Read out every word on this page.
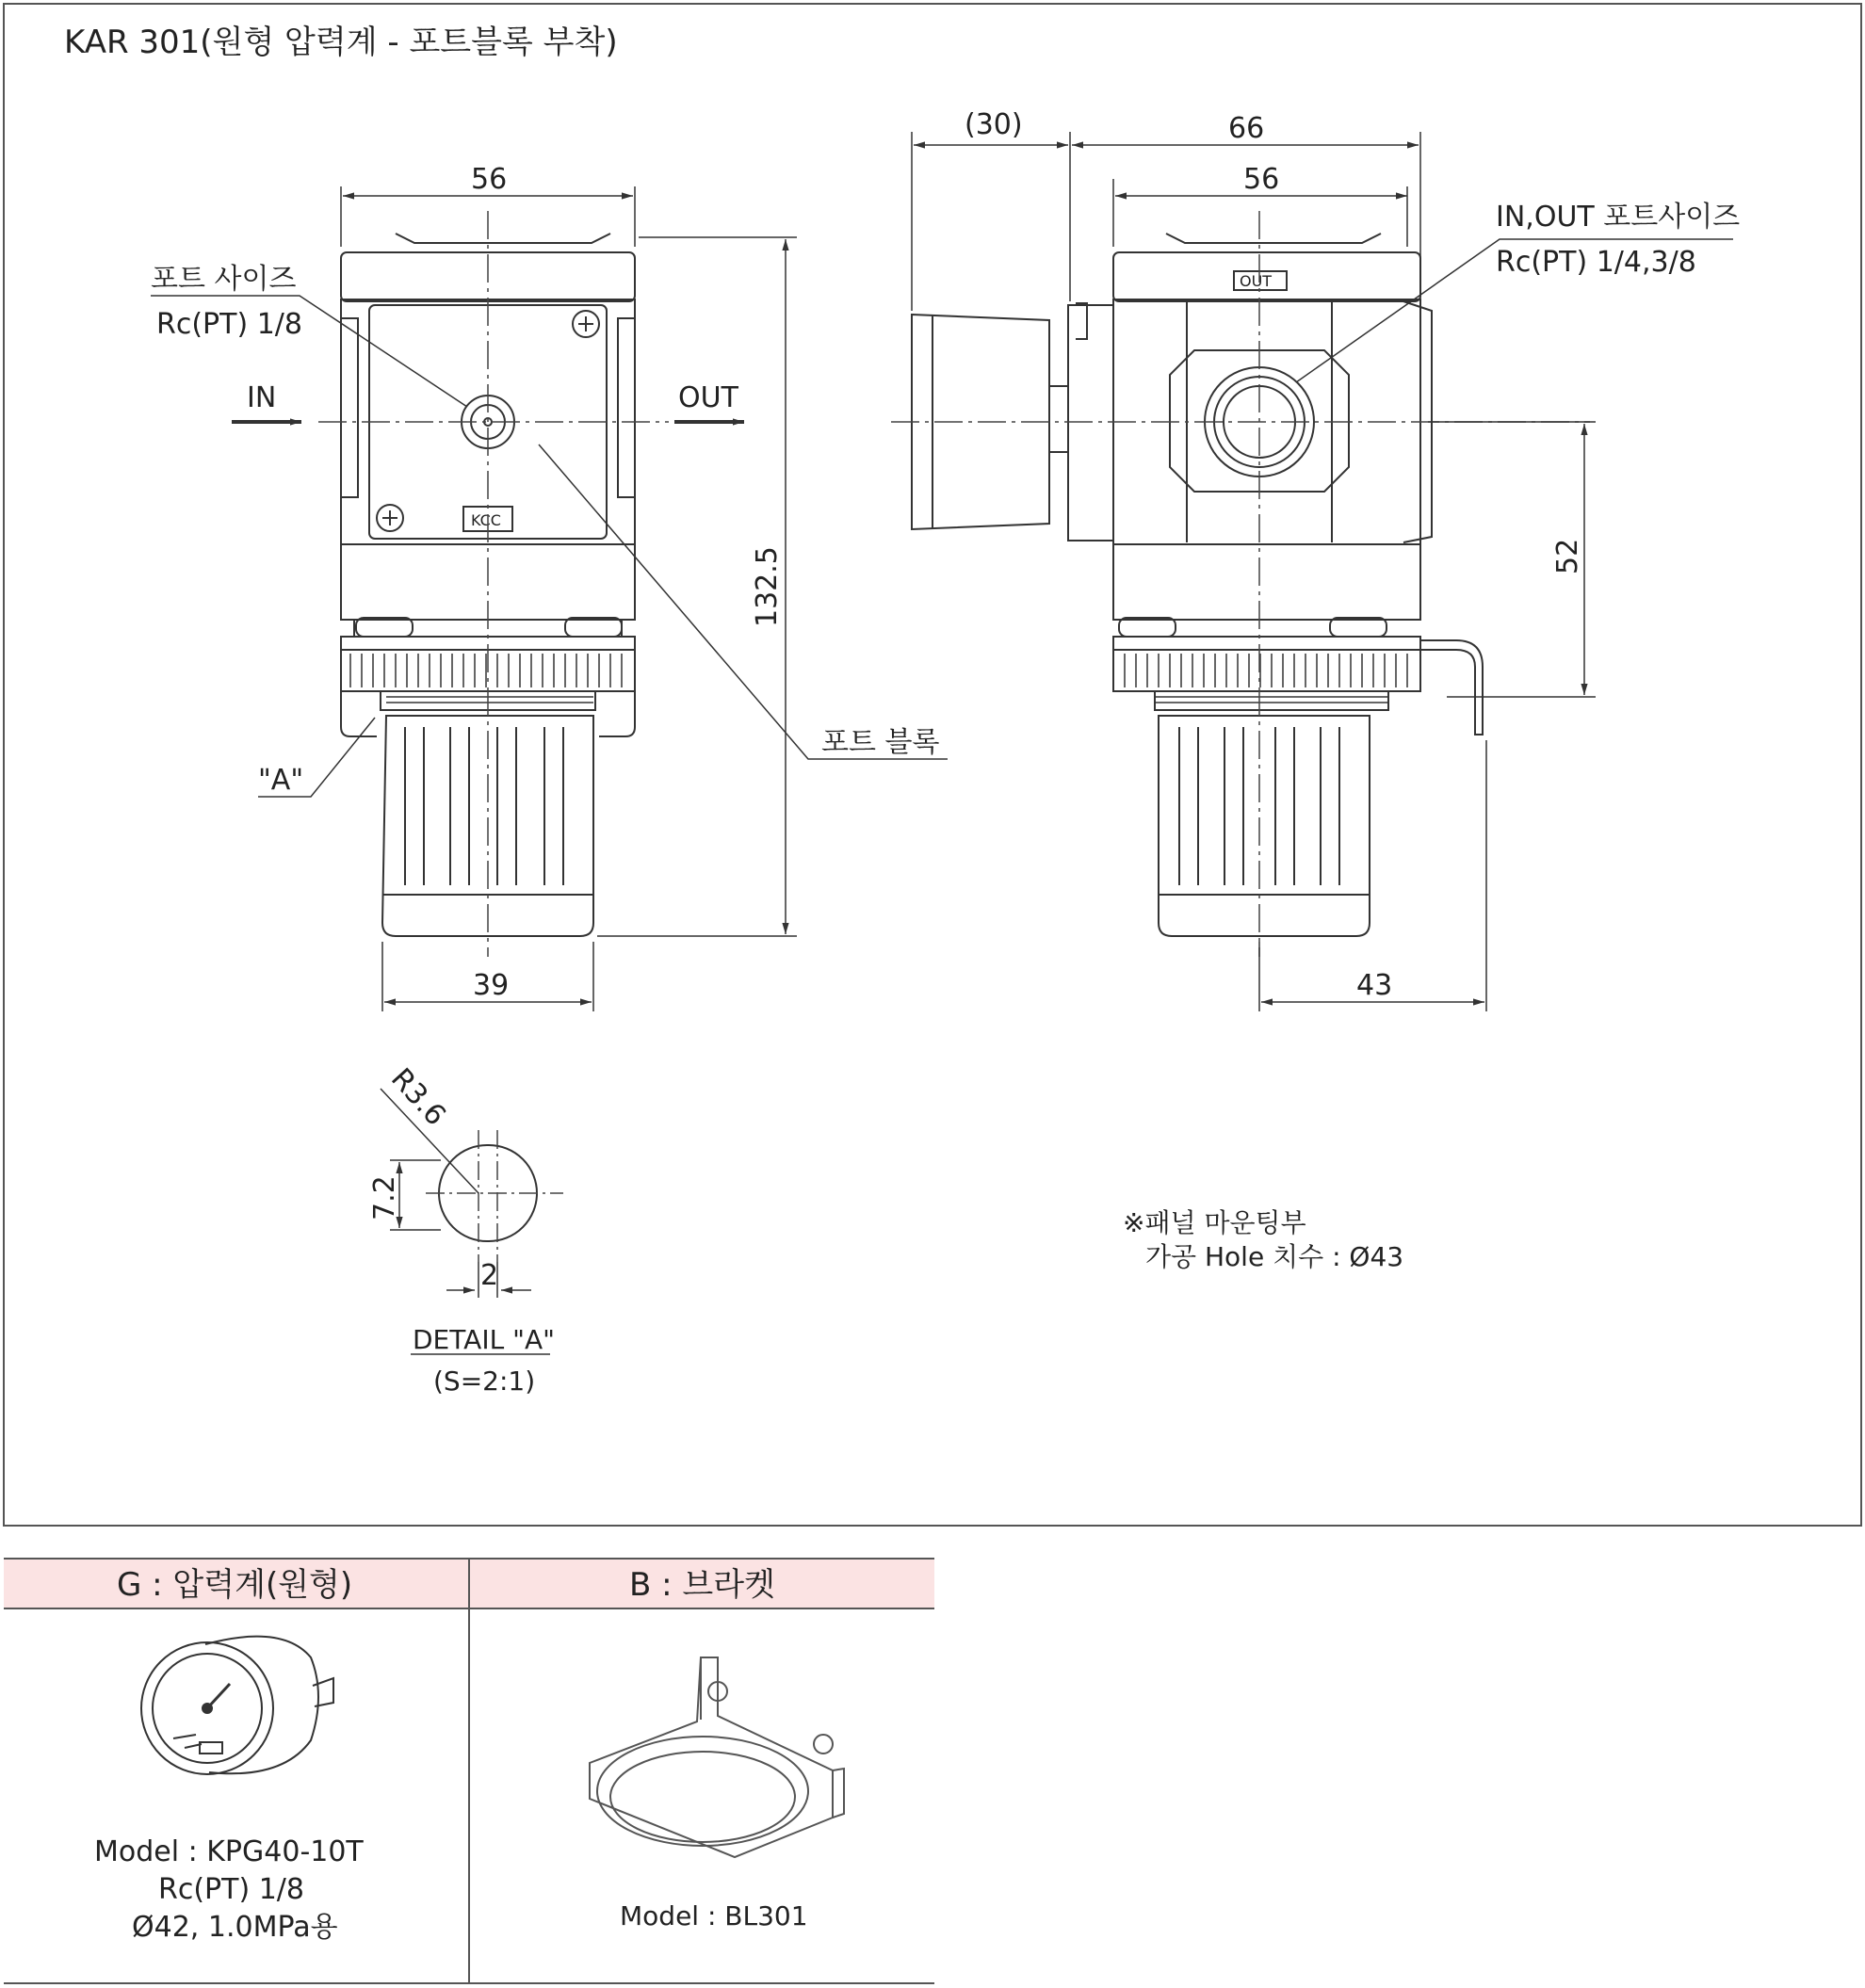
KAR 301(원형 압력계 - 포트블록 부착)
KCC
IN	OUT
포트 사이즈
Rc(PT) 1/8
포트 블록
"A"
56
39
132.5
OUT
(30)	66
56
52
43
IN,OUT 포트사이즈
Rc(PT) 1/4,3/8
R3.6
7.2
2
DETAIL "A"
(S=2:1)
※패널 마운팅부
가공 Hole 치수 : Ø43
G : 압력계(원형)	B : 브라켓
Model : KPG40-10T
Rc(PT) 1/8
Ø42, 1.0MPa용	Model : BL301
